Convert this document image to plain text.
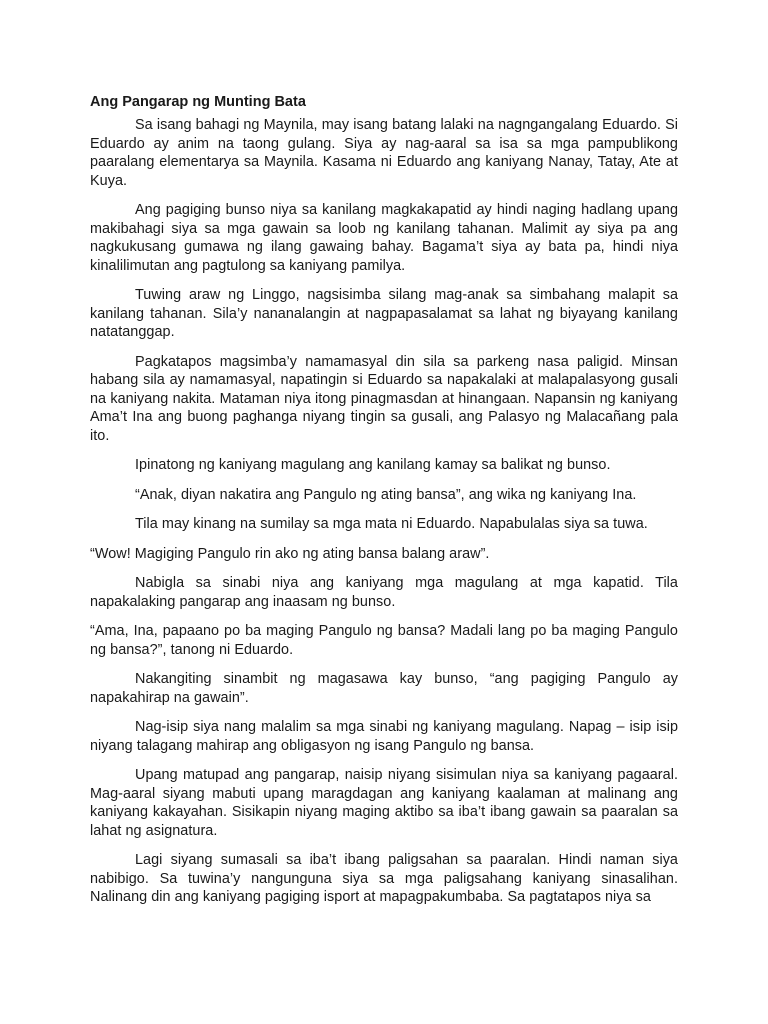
Ang Pangarap ng Munting Bata

Sa isang bahagi ng Maynila, may isang batang lalaki na nagngangalang Eduardo. Si Eduardo ay anim na taong gulang. Siya ay nag-aaral sa isa sa mga pampublikong paaralang elementarya sa Maynila. Kasama ni Eduardo ang kaniyang Nanay, Tatay, Ate at Kuya.

Ang pagiging bunso niya sa kanilang magkakapatid ay hindi naging hadlang upang makibahagi siya sa mga gawain sa loob ng kanilang tahanan. Malimit ay siya pa ang nagkukusang gumawa ng ilang gawaing bahay. Bagama’t siya ay bata pa, hindi niya kinalilimutan ang pagtulong sa kaniyang pamilya.

Tuwing araw ng Linggo, nagsisimba silang mag-anak sa simbahang malapit sa kanilang tahanan. Sila’y nananalangin at nagpapasalamat sa lahat ng biyayang kanilang natatanggap.

Pagkatapos magsimba’y namamasyal din sila sa parkeng nasa paligid. Minsan habang sila ay namamasyal, napatingin si Eduardo sa napakalaki at malapalasyong gusali na kaniyang nakita. Mataman niya itong pinagmasdan at hinangaan. Napansin ng kaniyang Ama’t Ina ang buong paghanga niyang tingin sa gusali, ang Palasyo ng Malacañang pala ito.

Ipinatong ng kaniyang magulang ang kanilang kamay sa balikat ng bunso.

“Anak, diyan nakatira ang Pangulo ng ating bansa”, ang wika ng kaniyang Ina.

Tila may kinang na sumilay sa mga mata ni Eduardo. Napabulalas siya sa tuwa.

“Wow! Magiging Pangulo rin ako ng ating bansa balang araw”.

Nabigla sa sinabi niya ang kaniyang mga magulang at mga kapatid. Tila napakalaking pangarap ang inaasam ng bunso.

“Ama, Ina, papaano po ba maging Pangulo ng bansa? Madali lang po ba maging Pangulo ng bansa?”, tanong ni Eduardo.

Nakangiting sinambit ng magasawa kay bunso, “ang pagiging Pangulo ay napakahirap na gawain”.

Nag-isip siya nang malalim sa mga sinabi ng kaniyang magulang. Napag – isip isip niyang talagang mahirap ang obligasyon ng isang Pangulo ng bansa.

Upang matupad ang pangarap, naisip niyang sisimulan niya sa kaniyang pagaaral. Mag-aaral siyang mabuti upang maragdagan ang kaniyang kaalaman at malinang ang kaniyang kakayahan. Sisikapin niyang maging aktibo sa iba’t ibang gawain sa paaralan sa lahat ng asignatura.

Lagi siyang sumasali sa iba’t ibang paligsahan sa paaralan. Hindi naman siya nabibigo. Sa tuwina’y nangunguna siya sa mga paligsahang kaniyang sinasalihan. Nalinang din ang kaniyang pagiging isport at mapagpakumbaba. Sa pagtatapos niya sa
